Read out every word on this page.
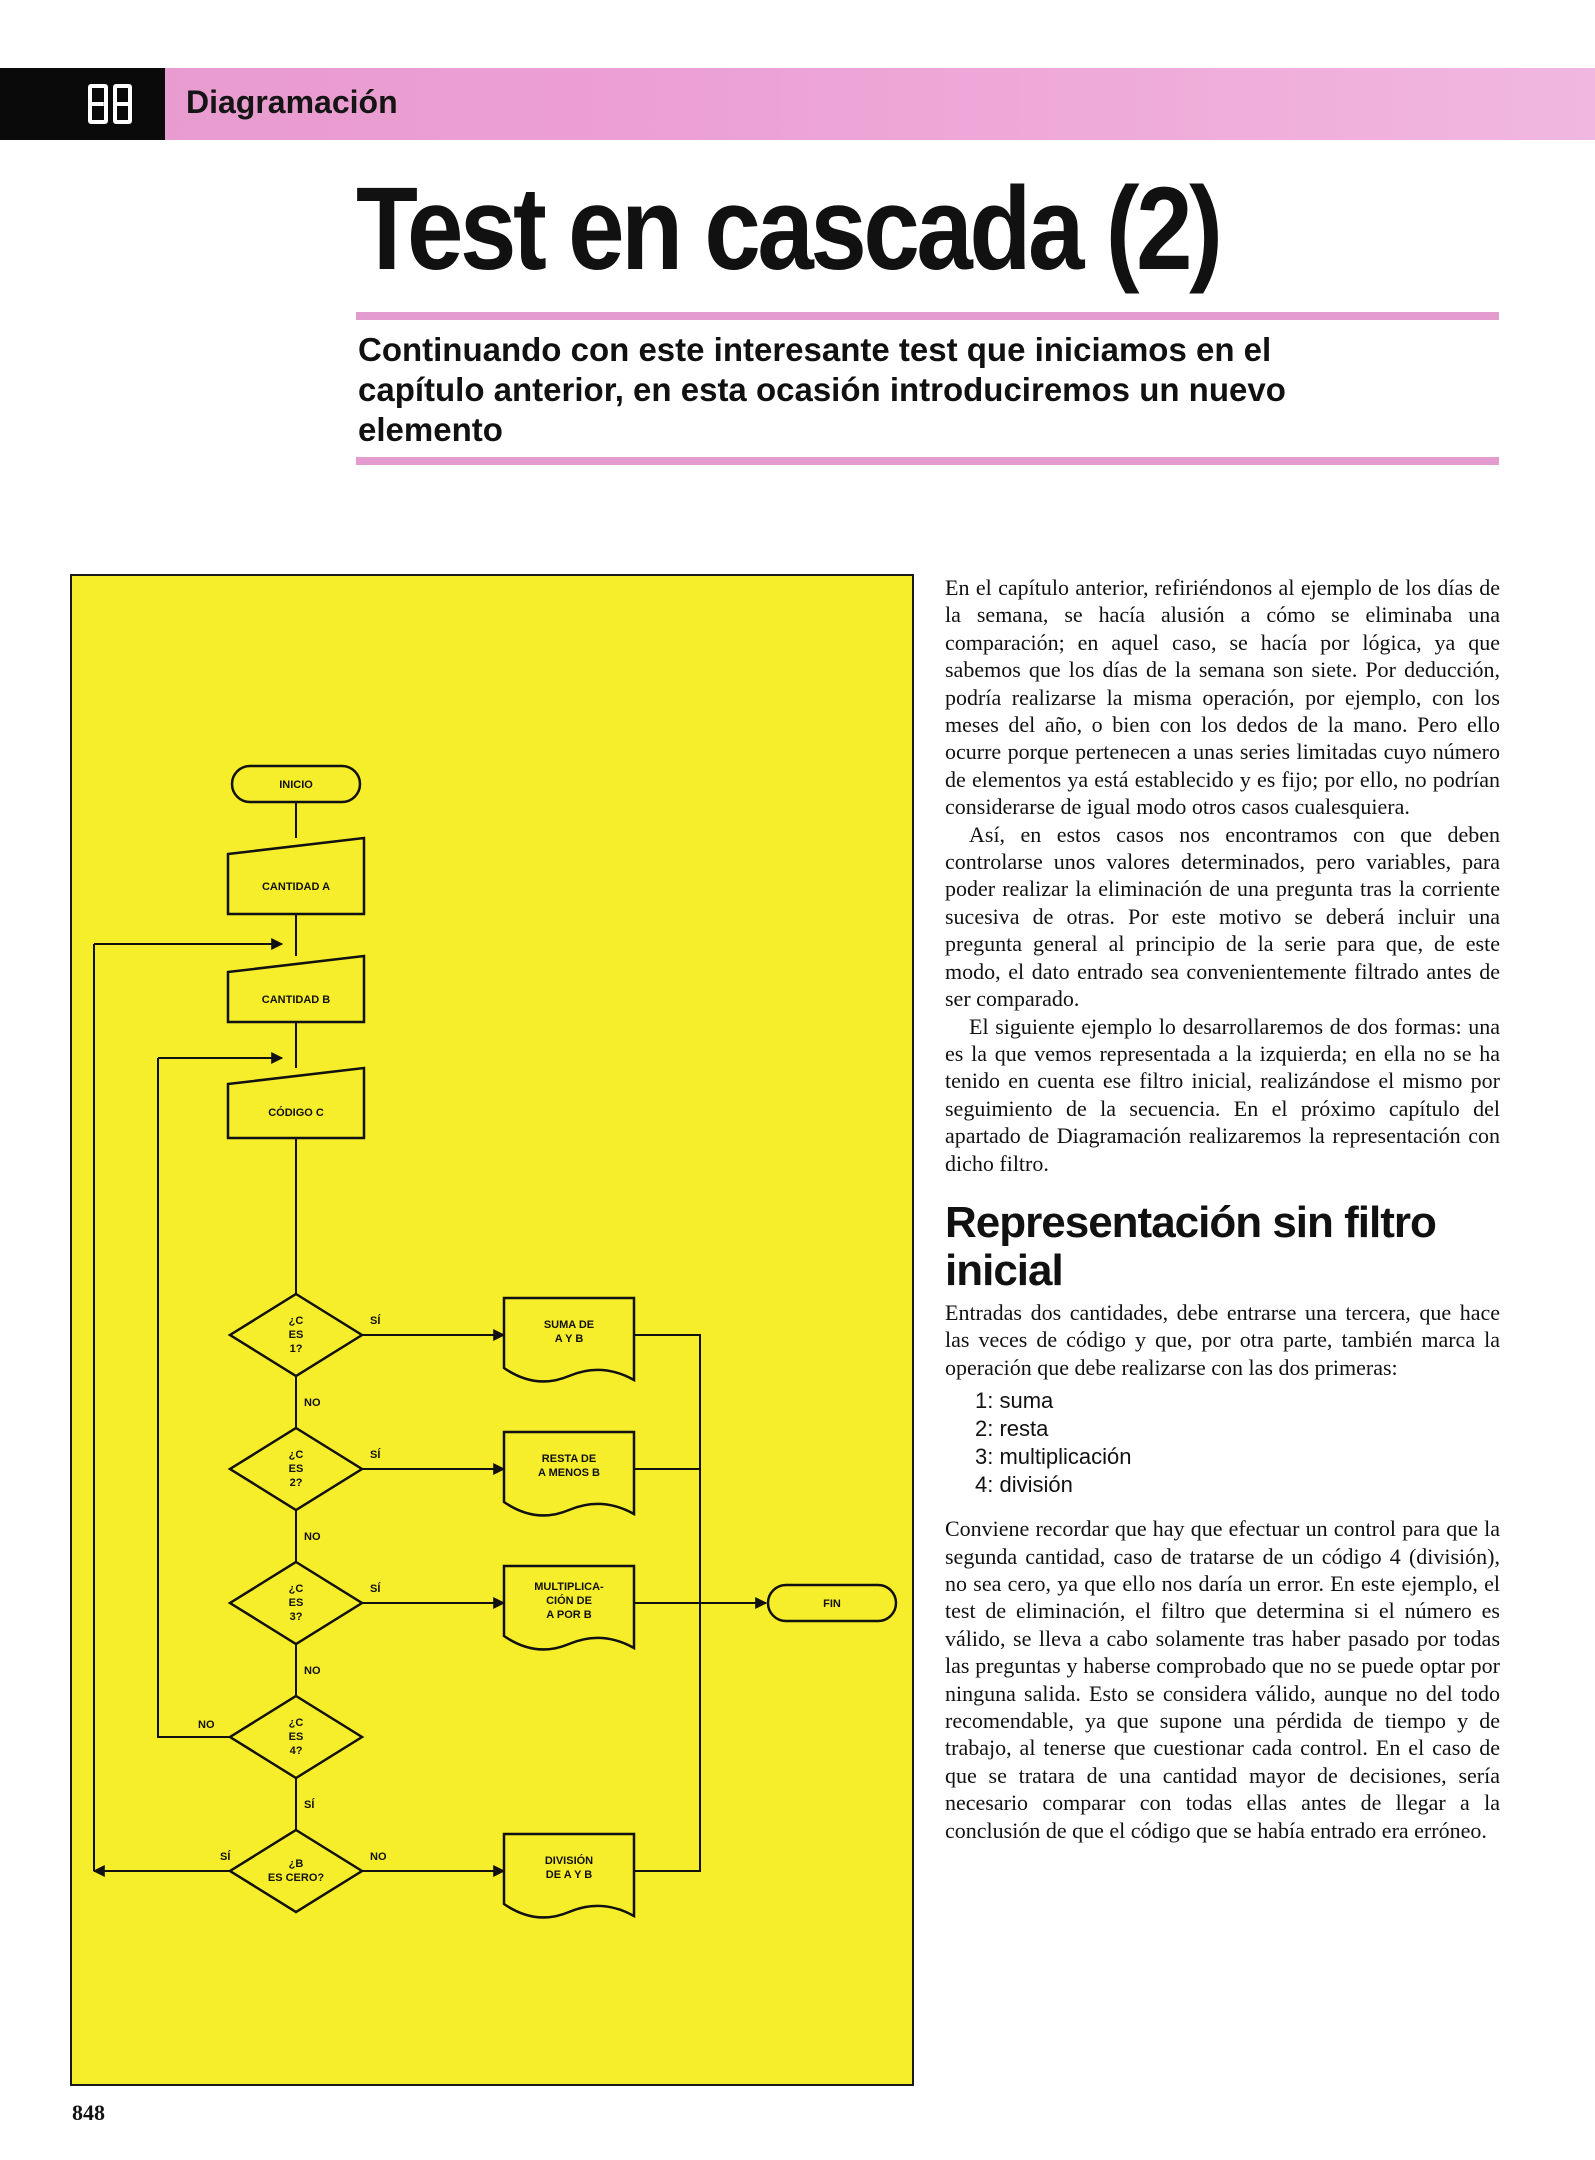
Diagramación
Test en cascada (2)

Continuando con este interesante test que iniciamos en el capítulo anterior, en esta ocasión introduciremos un nuevo elemento

INICIO
CANTIDAD A
CANTIDAD B
CÓDIGO C
¿C
ES
1?
SÍ
NO
¿C
ES
2?
SÍ
NO
¿C
ES
3?
SÍ
NO
¿C
ES
4?
NO
SÍ
¿B
ES CERO?
SÍ	NO
SUMA DE
A Y B
RESTA DE
A MENOS B
MULTIPLICA-
CIÓN DE
A POR B
DIVISIÓN
DE A Y B
FIN

En el capítulo anterior, refiriéndonos al ejemplo de los días de la semana, se hacía alusión a cómo se eliminaba una comparación; en aquel caso, se hacía por lógica, ya que sabemos que los días de la semana son siete. Por deducción, podría realizarse la misma operación, por ejemplo, con los meses del año, o bien con los dedos de la mano. Pero ello ocurre porque pertenecen a unas series limitadas cuyo número de elementos ya está establecido y es fijo; por ello, no podrían considerarse de igual modo otros casos cualesquiera.

Así, en estos casos nos encontramos con que deben controlarse unos valores determinados, pero variables, para poder realizar la eliminación de una pregunta tras la corriente sucesiva de otras. Por este motivo se deberá incluir una pregunta general al principio de la serie para que, de este modo, el dato entrado sea convenientemente filtrado antes de ser comparado.

El siguiente ejemplo lo desarrollaremos de dos formas: una es la que vemos representada a la izquierda; en ella no se ha tenido en cuenta ese filtro inicial, realizándose el mismo por seguimiento de la secuencia. En el próximo capítulo del apartado de Diagramación realizaremos la representación con dicho filtro.

Representación sin filtro inicial

Entradas dos cantidades, debe entrarse una tercera, que hace las veces de código y que, por otra parte, también marca la operación que debe realizarse con las dos primeras:

1: suma
2: resta
3: multiplicación
4: división

Conviene recordar que hay que efectuar un control para que la segunda cantidad, caso de tratarse de un código 4 (división), no sea cero, ya que ello nos daría un error. En este ejemplo, el test de eliminación, el filtro que determina si el número es válido, se lleva a cabo solamente tras haber pasado por todas las preguntas y haberse comprobado que no se puede optar por ninguna salida. Esto se considera válido, aunque no del todo recomendable, ya que supone una pérdida de tiempo y de trabajo, al tenerse que cuestionar cada control. En el caso de que se tratara de una cantidad mayor de decisiones, sería necesario comparar con todas ellas antes de llegar a la conclusión de que el código que se había entrado era erróneo.

848
